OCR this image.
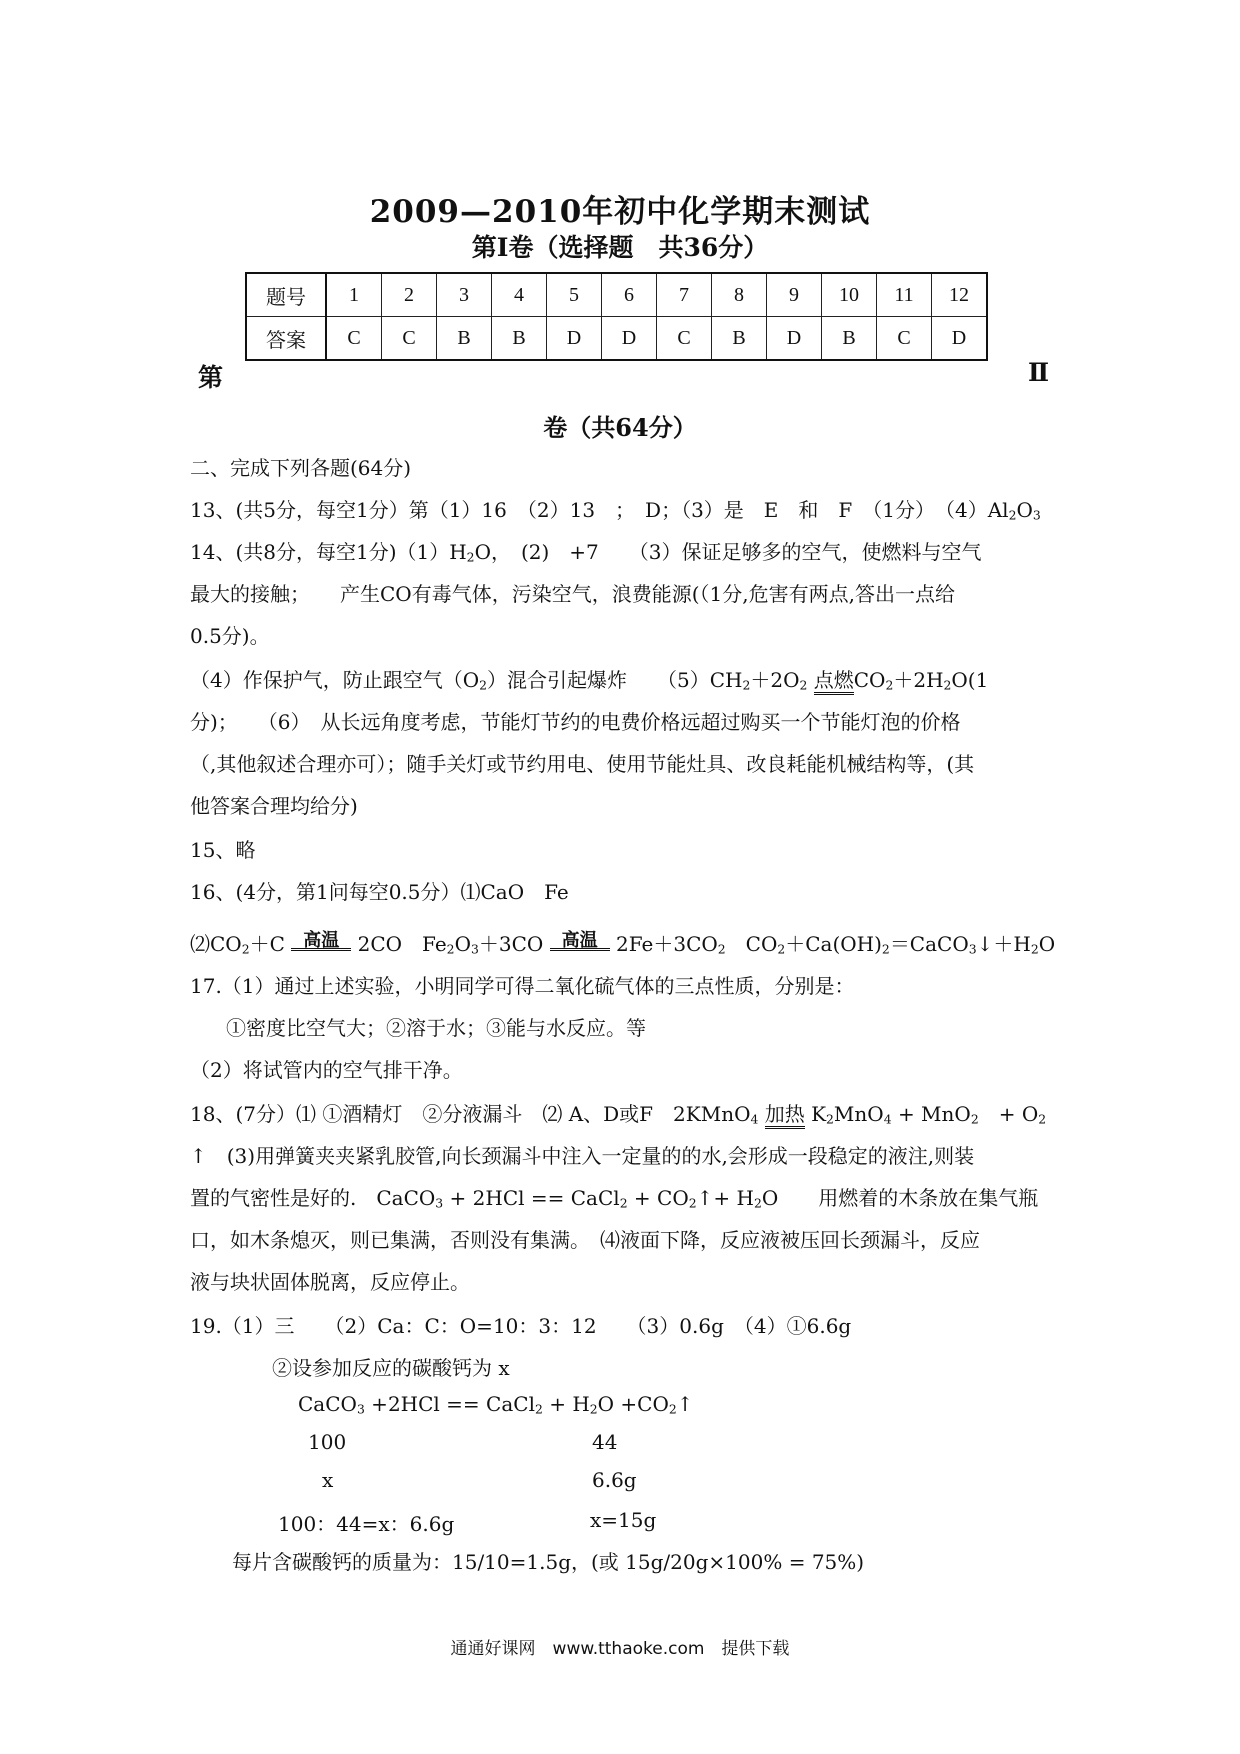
2009—2010年初中化学期末测试
第Ⅰ卷（选择题　共36分）
题号	1	2	3	4	5	6	7	8	9	10	11	12
答案	C	C	B	B	D	D	C	B	D	B	C	D
第	Ⅱ
卷（共64分）
二、完成下列各题(64分)
13、(共5分，每空1分）第（1）16　（2）13　；　D；（3）是　E　和　F　（1分）　$(4)Al_2O_3$
14、(共8分，每空1分)$(1)H_2O$，　(2)　+7　　（3）保证足够多的空气，使燃料与空气
最大的接触；　　产生CO有毒气体，污染空气，浪费能源(（1分,危害有两点,答出一点给
0.5分)。
（4）作保护气，防止跟空气$(O_2)$混合引起爆炸　　$(5)CH_2+2O_2$ 点燃$CO_2+2H_2O(1$
分)；　　（6）　从长远角度考虑，节能灯节约的电费价格远超过购买一个节能灯泡的价格
（,其他叙述合理亦可）；随手关灯或节约用电、使用节能灶具、改良耗能机械结构等，(其
他答案合理均给分)
15、略
16、(4分，第1问每空0.5分）⑴CaO　Fe
$⑵CO_2+C$ 高温 2CO　$Fe_2O_3+3CO$ 高温 $2Fe+3CO_2$　$CO_2+Ca(OH)_2=CaCO_3↓+H_2O$
17.（1）通过上述实验，小明同学可得二氧化硫气体的三点性质，分别是：
①密度比空气大；②溶于水；③能与水反应。等
（2）将试管内的空气排干净。
18、(7分）⑴ ①酒精灯　②分液漏斗　⑵ A、D或F　2KMnO$_4$ 加热 $K_2MnO_4 + MnO_2$　 + $O_2$
↑　(3)用弹簧夹夹紧乳胶管,向长颈漏斗中注入一定量的的水,会形成一段稳定的液注,则装
置的气密性是好的.　CaCO$_3$ + 2HCl == CaCl$_2$ + $CO_2↑+ H_2O$　　用燃着的木条放在集气瓶
口，如木条熄灭，则已集满，否则没有集满。　⑷液面下降，反应液被压回长颈漏斗，反应
液与块状固体脱离，反应停止。
19.（1）三　　（2）Ca：C：O=10：3：12　　（3）0.6g　（4）①6.6g
②设参加反应的碳酸钙为 x
CaCO$_3$ +2HCl == CaCl$_2$ + $H_2O$ $+CO_2↑$
100	44
x	6.6g
100：44=x：6.6g	x=15g
每片含碳酸钙的质量为：15/10=1.5g，(或 15g/20g×100% = 75%)
通通好课网　www.tthaoke.com　提供下载
